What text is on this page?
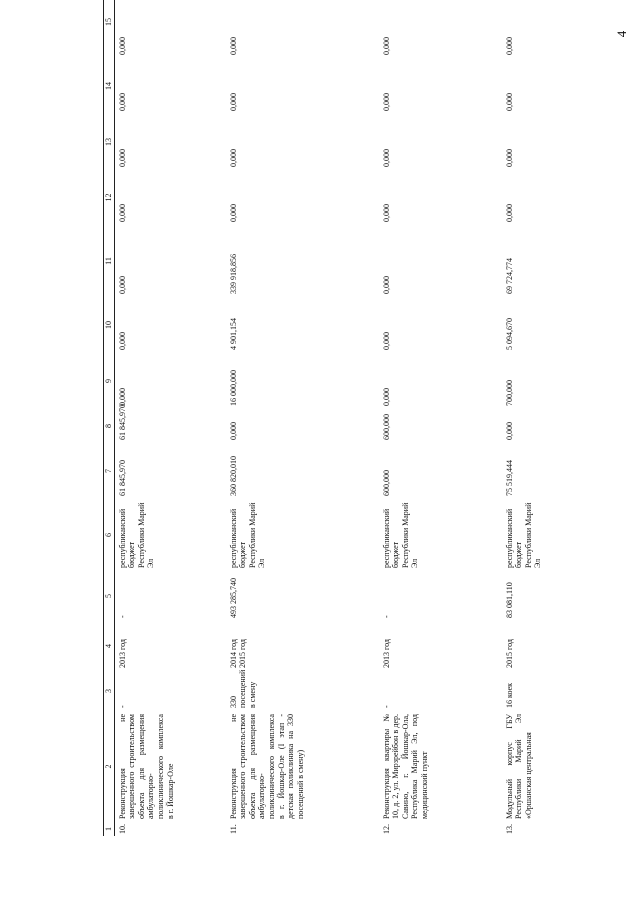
4
1	2	3	4	5	6	7	8	9	10	11	12	13	14	15
10.	Реконструкция не завершенного строительством объекта для размещения амбулаторно-поликлинического комплекса в г. Йошкар-Оле	-	2013 год	-	республиканский бюджет Республики Марий Эл	61 845,970	61 845,970	0,000	0,000	0,000	0,000	0,000	0,000	0,000
11.	Реконструкция не завершенного строительством объекта для размещения амбулаторно-поликлинического комплекса в г. Йошкар-Оле (I этап - детская поликлиника на 330 посещений в смену)	330 посещений в смену	2014 год 2015 год	493 285,740	республиканский бюджет Республики Марий Эл	360 820,010	0,000	16 000,000	4 901,154	339 918,856	0,000	0,000	0,000	0,000
12.	Реконструкция квартиры № 10, д. 2, ул. Мирзрейбон в дер. Савино, г. Йошкар-Ола, Республика Марий Эл, под медицинский пункт	-	2013 год	-	республиканский бюджет Республики Марий Эл	600,000	600,000	0,000	0,000	0,000	0,000	0,000	0,000	0,000
13.	Модульный корпус ГБУ Республики Марий Эл «Оршанская центральная	16 коек	2015 год	83 081,110	республиканский бюджет Республики Марий Эл	75 519,444	0,000	700,000	5 094,670	69 724,774	0,000	0,000	0,000	0,000
